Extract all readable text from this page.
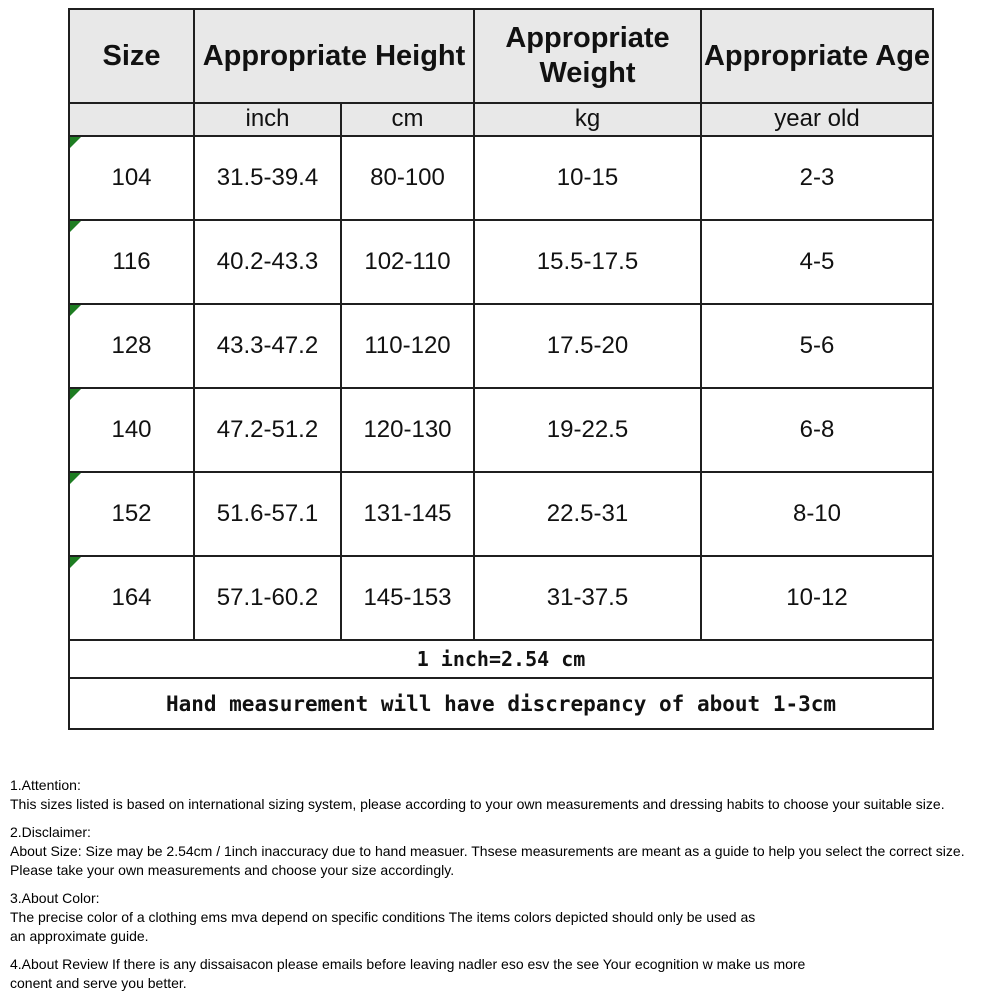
Size	Appropriate Height		Appropriate Weight	Appropriate Age
	inch	cm	kg	year old

104	31.5-39.4	80-100	10-15	2-3

116	40.2-43.3	102-110	15.5-17.5	4-5

128	43.3-47.2	110-120	17.5-20	5-6

140	47.2-51.2	120-130	19-22.5	6-8

152	51.6-57.1	131-145	22.5-31	8-10

164	57.1-60.2	145-153	31-37.5	10-12
1 inch=2.54 cm				
Hand measurement will have discrepancy of about 1-3cm				
1.Attention:
This sizes listed is based on international sizing system, please according to your own measurements and dressing habits to choose your suitable size.
2.Disclaimer:
About Size: Size may be 2.54cm / 1inch inaccuracy due to hand measuer. Thsese measurements are meant as a guide to help you select the correct size.
Please take your own measurements and choose your size accordingly.
3.About Color:
The precise color of a clothing ems mva depend on specific conditions The items colors depicted should only be used as
an approximate guide.
4.About Review If there is any dissaisacon please emails before leaving nadler eso esv the see Your ecognition w make us more
conent and serve you better.
